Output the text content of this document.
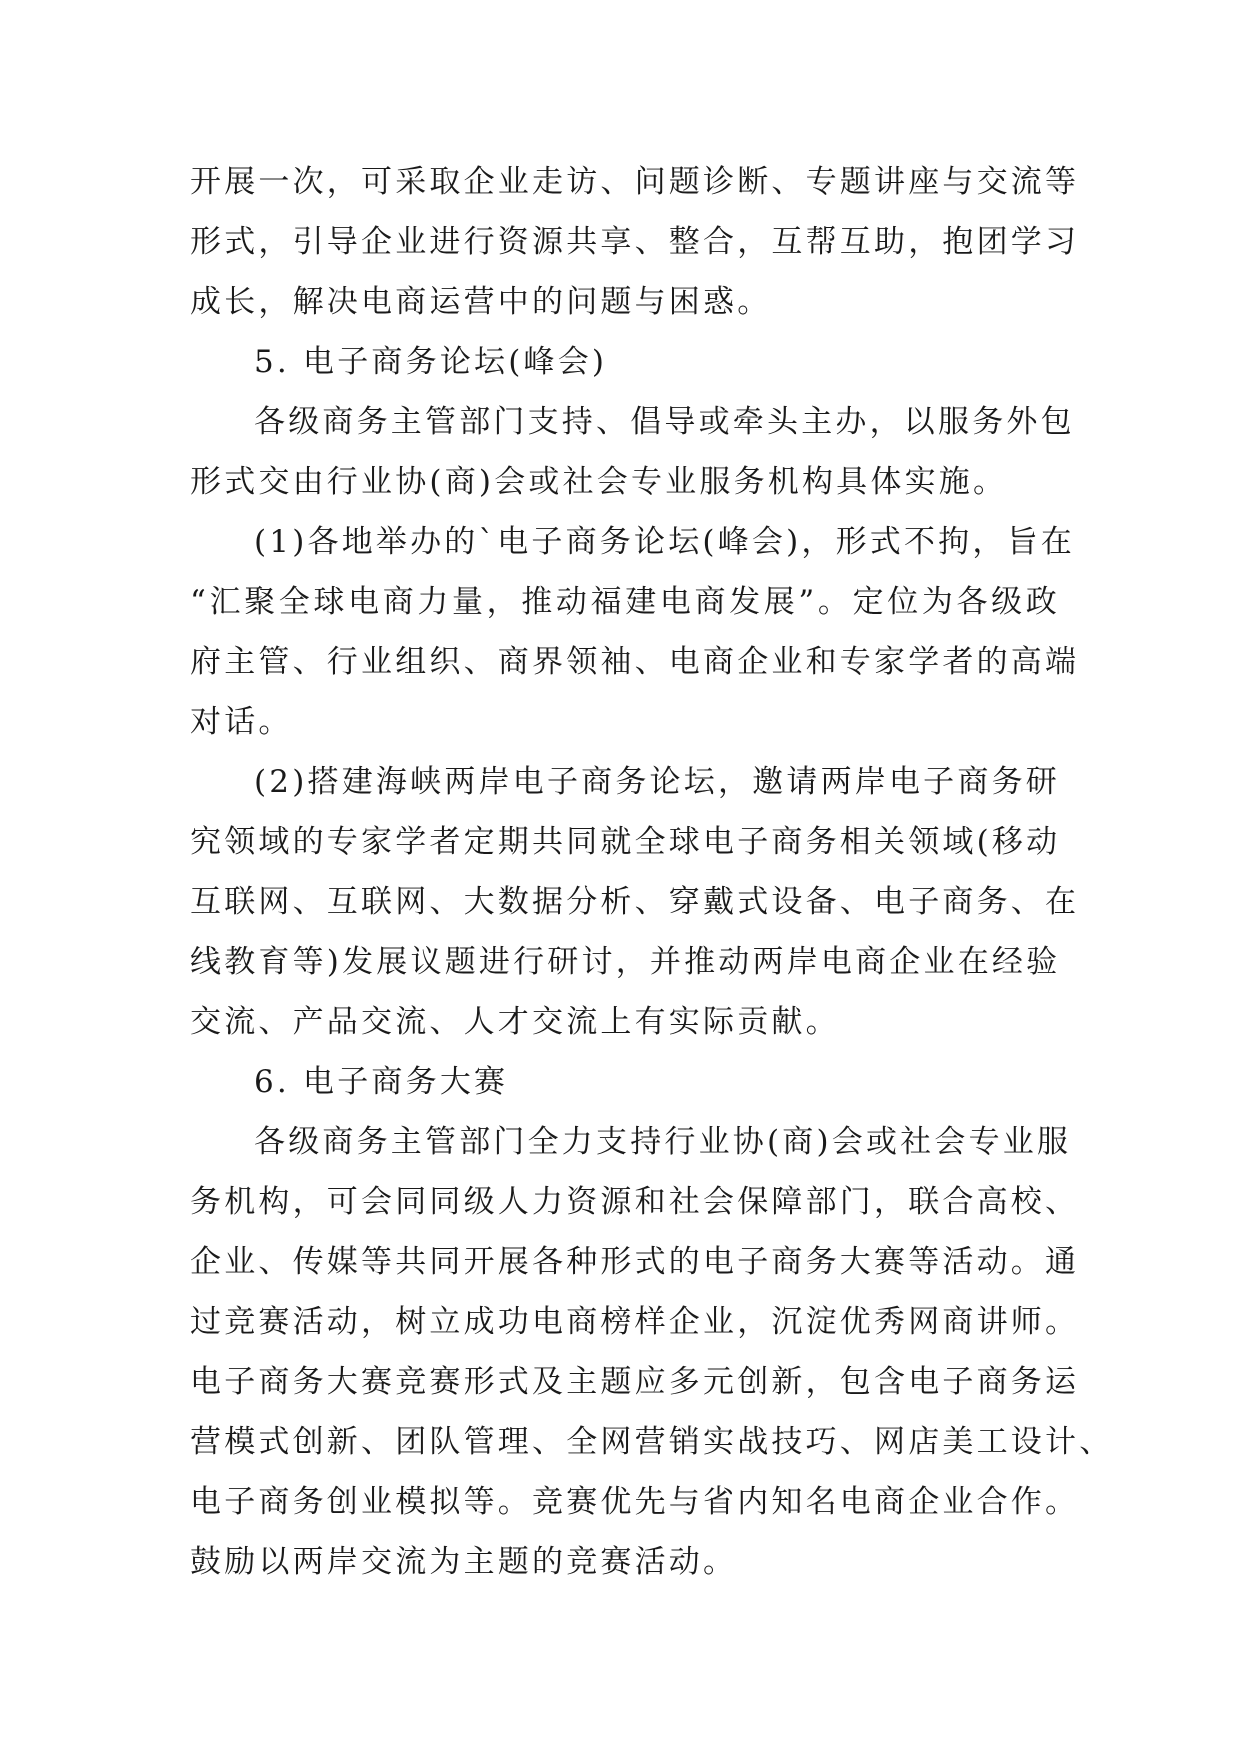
开展一次，可采取企业走访、问题诊断、专题讲座与交流等
形式，引导企业进行资源共享、整合，互帮互助，抱团学习
成长，解决电商运营中的问题与困惑。
5. 电子商务论坛(峰会)
各级商务主管部门支持、倡导或牵头主办，以服务外包
形式交由行业协(商)会或社会专业服务机构具体实施。
(1)各地举办的`电子商务论坛(峰会)，形式不拘，旨在
“汇聚全球电商力量，推动福建电商发展”。定位为各级政
府主管、行业组织、商界领袖、电商企业和专家学者的高端
对话。
(2)搭建海峡两岸电子商务论坛，邀请两岸电子商务研
究领域的专家学者定期共同就全球电子商务相关领域(移动
互联网、互联网、大数据分析、穿戴式设备、电子商务、在
线教育等)发展议题进行研讨，并推动两岸电商企业在经验
交流、产品交流、人才交流上有实际贡献。
6. 电子商务大赛
各级商务主管部门全力支持行业协(商)会或社会专业服
务机构，可会同同级人力资源和社会保障部门，联合高校、
企业、传媒等共同开展各种形式的电子商务大赛等活动。通
过竞赛活动，树立成功电商榜样企业，沉淀优秀网商讲师。
电子商务大赛竞赛形式及主题应多元创新，包含电子商务运
营模式创新、团队管理、全网营销实战技巧、网店美工设计、
电子商务创业模拟等。竞赛优先与省内知名电商企业合作。
鼓励以两岸交流为主题的竞赛活动。
